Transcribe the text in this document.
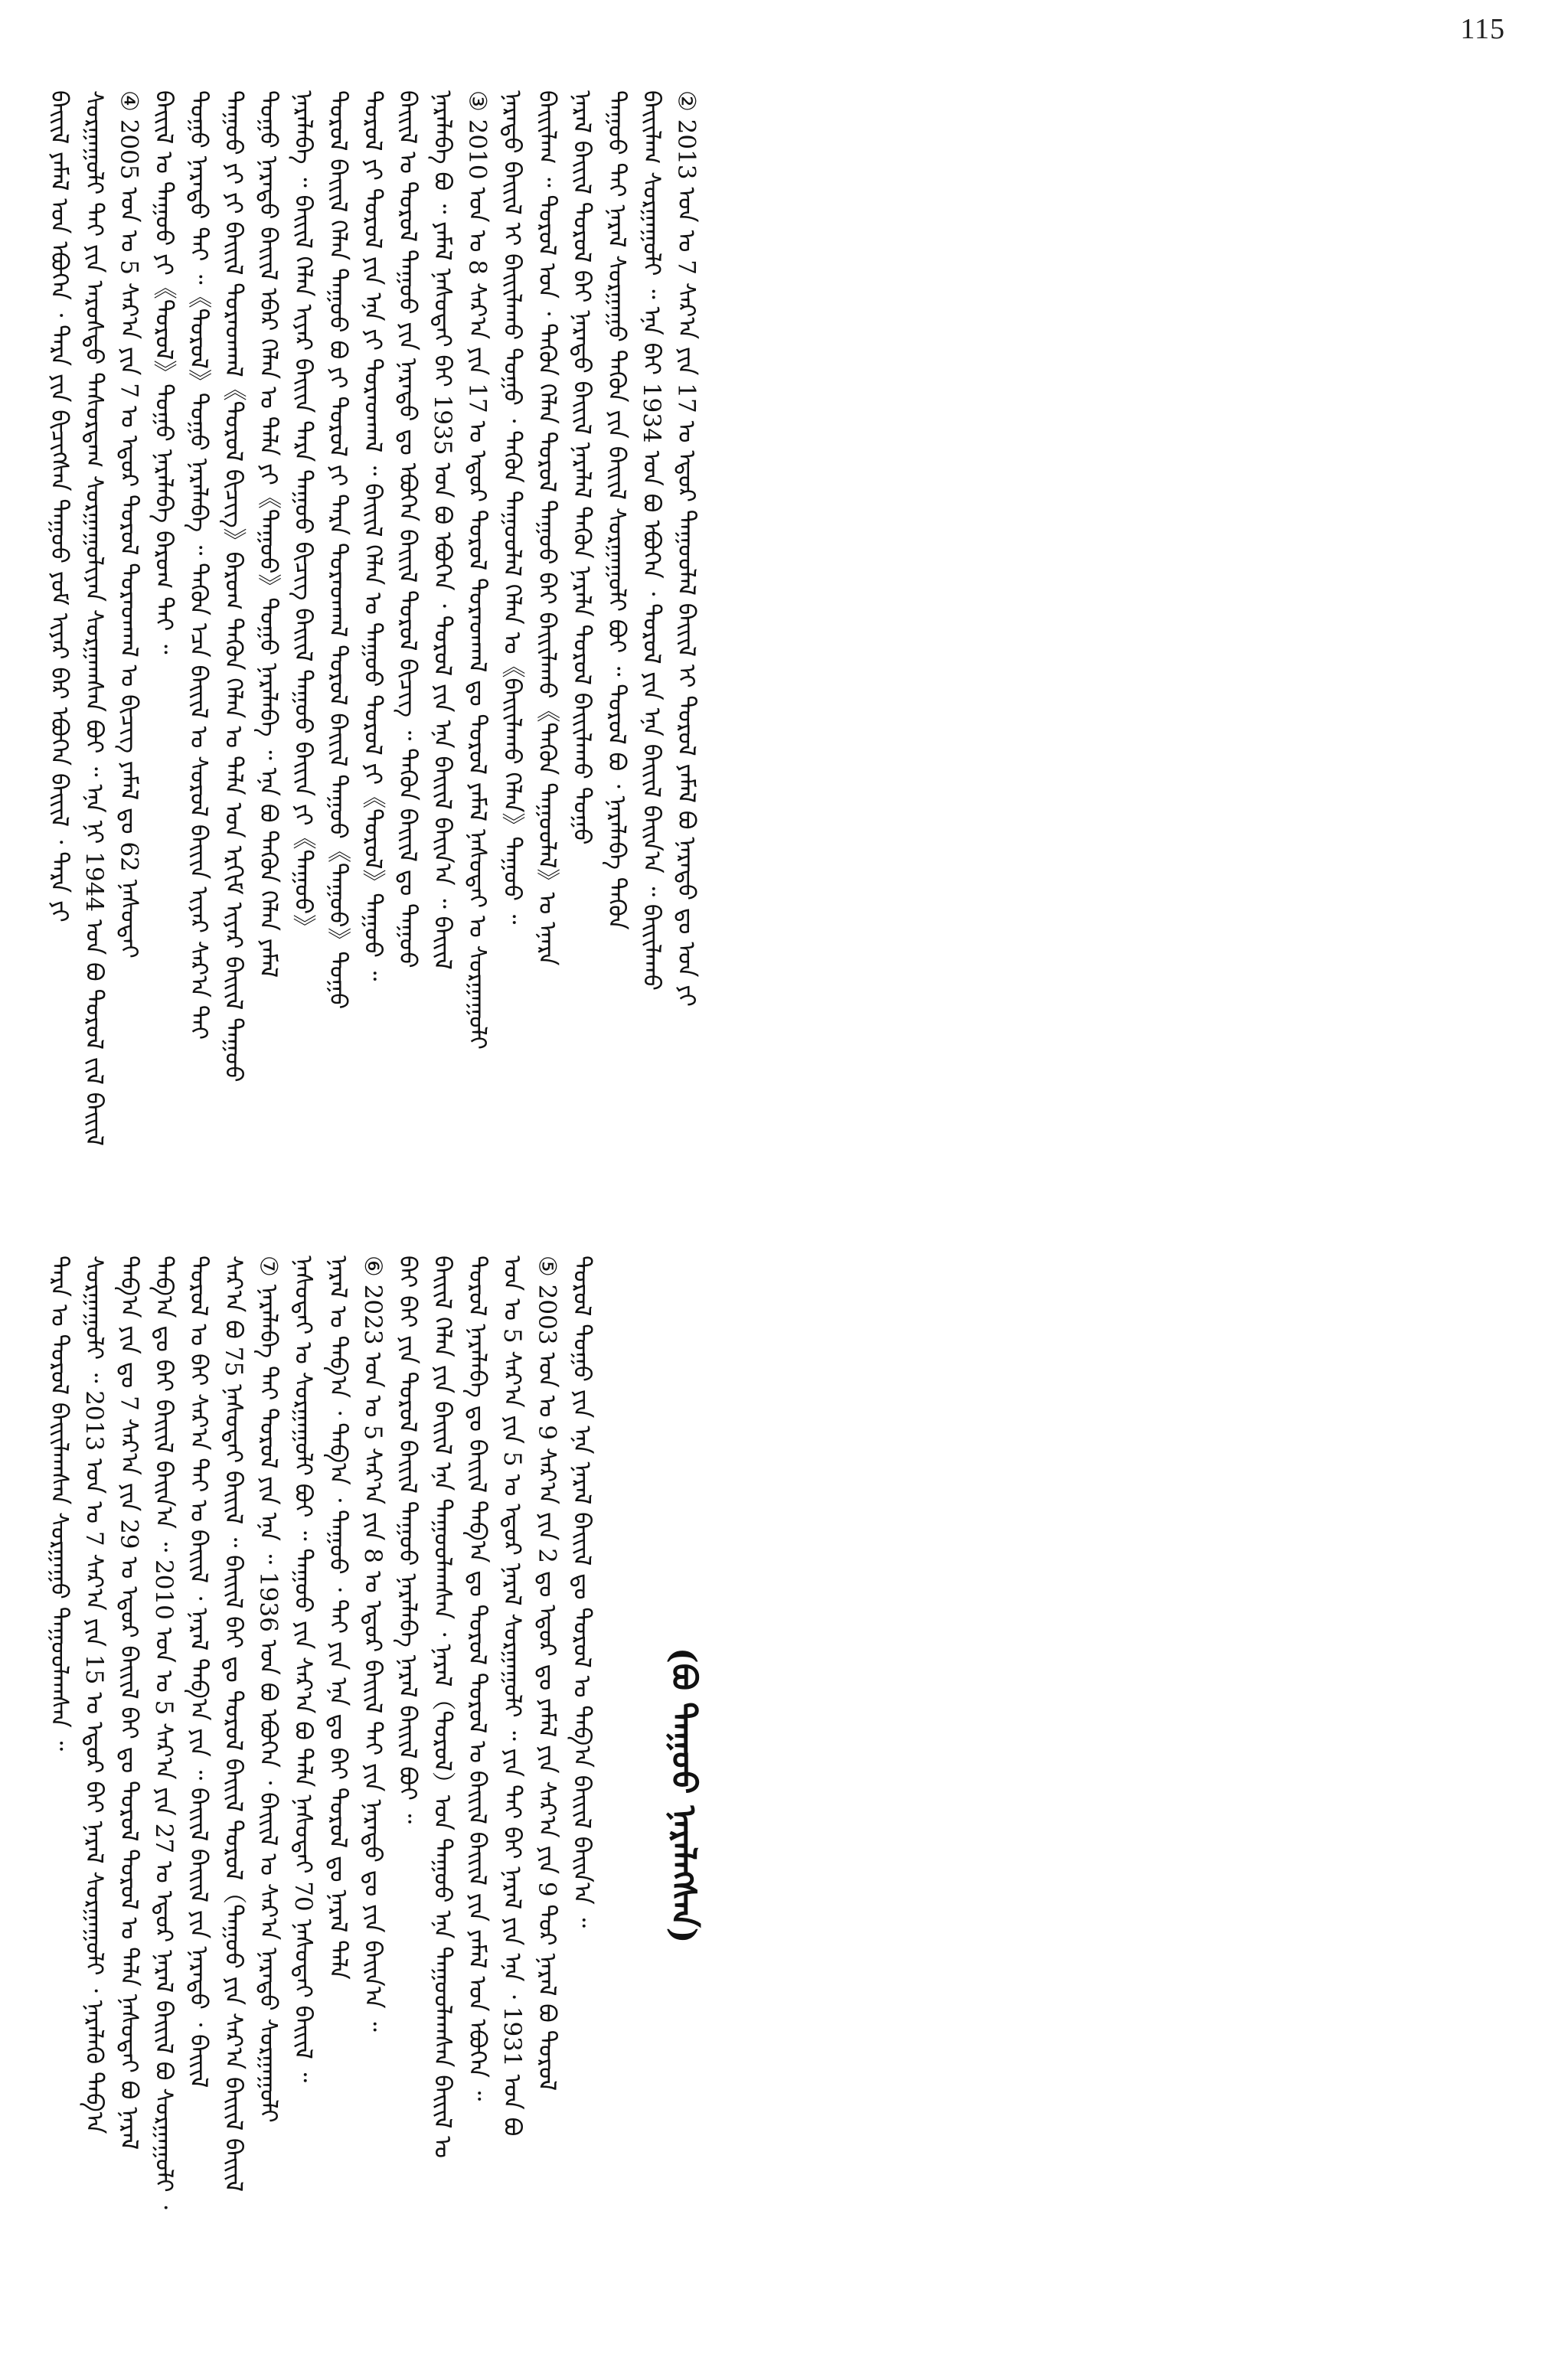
115

ᠪᠠᠢᠢᠯ ᠶᠠᠮᠠᠯ ᠤᠨ ᠡᠪᠦᠭᠡᠨ ᠂ ᠲᠡᠷᠡ ᠶᠢᠨ ᠪᠢᠴᠢᠭᠰᠡᠨ ᠳᠠᠭᠤᠤ ᠶᠤᠮ ᠢᠶᠠᠷ ᠪᠡᠷ ᠡᠪᠦᠭᠡᠨ ᠪᠠᠢᠢᠯ ᠂ ᠲᠡᠷᠡ ᠶᠢ ᠰᠤᠷᠭᠠᠭᠤᠯᠢ ᠲᠠᠢ ᠶᠢᠨ ᠠᠷᠤᠰᠳᠤ ᠲᠠᠰᠤᠷᠳᠠᠭ ᠰᠤᠷᠭᠠᠭᠤᠯᠢᠶᠠᠨ ᠰᠤᠷᠭᠠᠭᠰᠠᠨ ᠪᠤᠢ ᠃ ᠡᠨᠡ ᠨᠢ 1944 ᠣᠨ ᠪᠤ ᠲᠤᠷᠤᠯ ᠵᠢᠯ ᠪᠠᠢᠢᠯ ④ 2005 ᠣᠨ ᠤ 5 ᠰᠠᠷ᠎ᠠ ᠶᠢᠨ 7 ᠤ ᠡᠳᠦᠷ ᠲᠤᠷᠤᠯ ᠳᠤᠷᠠᠳᠬᠠᠯ ᠤ ᠪᠢᠴᠢᠭ ᠶᠠᠮᠠᠯ ᠳᠤ 62 ᠨᠠᠰᠤᠳᠠᠢ ᠪᠠᠢᠢᠯ ᠤ ᠳᠠᠭᠤᠤ ᠶᠢ《ᠲᠤᠷᠤᠯ》ᠳᠤᠭᠤ ᠨᠡᠷᠡᠯᠡᠪᠡ ᠪᠠᠷᠤᠭ ᠲᠠᠢ ᠃ ᠳᠤᠭᠤ ᠨᠡᠷᠡᠲᠦ ᠲᠠᠢ ᠃《ᠲᠤᠷᠤᠯ》ᠳᠤᠭᠤ ᠨᠡᠷᠡᠯᠡᠪᠡ ᠃ ᠲᠡᠭᠦᠨ ᠡᠴᠡ ᠪᠠᠢᠢᠯ ᠤ ᠰᠤᠷᠤᠯ ᠪᠠᠢᠢᠨ ᠢᠶᠠᠷ ᠰᠠᠷ᠎ᠠ ᠲᠠᠢ ᠳᠠᠭᠤᠤ ᠶᠢ ᠶᠢ ᠪᠠᠢᠢᠯ ᠳᠤᠷᠠᠳᠬᠠᠯ《ᠲᠤᠷᠤᠯ ᠪᠢᠴᠢᠭ》ᠪᠠᠷᠤᠭ ᠲᠡᠭᠦᠨ ᠬᠡᠯᠡᠨ ᠤ ᠲᠠᠯᠠ ᠤᠨ ᠡᠷᠬᠢᠮ ᠢᠶᠠᠷ ᠪᠠᠢᠢᠯ ᠳᠠᠭᠤᠤ ᠳᠤᠭᠤ ᠨᠡᠷᠡᠲᠦ ᠪᠠᠢᠢᠯ ᠡᠪᠡᠷ ᠬᠡᠯᠡᠨ ᠤ ᠲᠠᠯᠠ ᠶᠢ《ᠳᠠᠭᠤᠤ》ᠳᠤᠭᠤ ᠨᠡᠷᠡᠯᠡᠪᠡ ᠃ ᠡᠨᠡ ᠪᠤ ᠲᠡᠭᠦᠨ ᠬᠡᠯᠡᠨ ᠶᠠᠮᠠᠯ ᠨᠡᠷᠡᠯᠡᠪᠡ ᠃ ᠪᠠᠢᠢᠯ ᠬᠡᠯᠡᠨ ᠢᠶᠠᠷ ᠪᠠᠢᠢᠨ ᠲᠡᠷᠡ ᠳᠠᠭᠤᠤ ᠪᠢᠴᠢᠭ ᠪᠠᠢᠢᠯ ᠳᠠᠭᠤᠤ ᠪᠠᠢᠢᠨ ᠶᠢ《ᠳᠠᠭᠤᠤ》 ᠳᠤᠷᠤᠯ ᠪᠠᠢᠢᠯ ᠬᠡᠯᠡᠨ ᠳᠠᠭᠤᠤ ᠪᠤ ᠶᠢ ᠲᠤᠷᠤᠯ ᠶᠢ ᠲᠡᠷᠡ ᠳᠤᠷᠠᠳᠬᠠᠯ ᠲᠤᠷᠤᠯ ᠪᠠᠢᠢᠯ ᠳᠠᠭᠤᠤ《ᠳᠠᠭᠤᠤ》ᠳᠤᠭᠤ ᠲᠤᠷᠤᠯ ᠶᠢ ᠲᠤᠷᠤᠯ ᠶᠢᠨ ᠡᠨᠡ ᠶᠢ ᠳᠤᠷᠠᠳᠬᠠᠯ ᠃ ᠪᠠᠢᠢᠯ ᠬᠡᠯᠡᠨ ᠤ ᠳᠠᠭᠤᠤ ᠲᠤᠷᠤᠯ ᠶᠢ《ᠲᠤᠷᠤᠯ》ᠳᠠᠭᠤᠤ ᠃ ᠪᠠᠢᠢᠯ ᠤ ᠲᠤᠷᠤᠯ ᠳᠠᠭᠤᠤ ᠶᠢᠨ ᠨᠡᠷᠡᠲᠦ ᠳᠤ ᠡᠪᠦᠭᠡᠨ ᠪᠠᠢᠢᠯ ᠲᠤᠷᠤᠯ ᠪᠢᠴᠢᠭ ᠃ ᠲᠡᠭᠦᠨ ᠪᠠᠢᠢᠯ ᠳᠤ ᠳᠠᠭᠤᠤ ᠨᠡᠷᠡᠯᠡᠪᠡ ᠪᠤ ᠃ ᠶᠠᠮᠠᠯ ᠨᠠᠰᠤᠳᠠᠢ ᠪᠠᠢ 1935 ᠣᠨ ᠪᠤ ᠡᠪᠦᠭᠡᠨ ᠂ ᠲᠤᠷᠤᠯ ᠶᠢᠨ ᠡᠨᠡ ᠪᠠᠢᠢᠯ ᠪᠠᠢᠨ᠎ᠠ ᠃ ᠪᠠᠢᠢᠯ ③ 2010 ᠣᠨ ᠤ 8 ᠰᠠᠷ᠎ᠠ ᠶᠢᠨ 17 ᠤ ᠡᠳᠦᠷ ᠲᠤᠷᠤᠯ ᠳᠤᠷᠠᠳᠬᠠᠯ ᠳᠤ ᠲᠤᠷᠤᠯ ᠶᠠᠮᠠᠯ ᠨᠠᠰᠤᠳᠠᠢ ᠤ ᠰᠤᠷᠭᠠᠭᠤᠯᠢ ᠨᠡᠷᠡᠲᠦ ᠪᠠᠢᠢᠯ ᠢ ᠪᠠᠢᠢᠯᠠᠬᠤ ᠳᠤᠭᠤ ᠂ ᠲᠡᠭᠦᠨ ᠳᠠᠭᠤᠤᠯᠠᠯ ᠬᠡᠯᠡᠨ ᠤ《ᠪᠠᠢᠢᠯᠠᠬᠤ ᠬᠡᠯᠡᠨ》ᠳᠠᠭᠤᠤ ᠃ ᠪᠠᠢᠢᠯᠠᠭ ᠃ ᠳᠤᠷᠤᠯ ᠤᠨ ᠂ ᠲᠡᠭᠦᠨ ᠬᠡᠯᠡᠨ ᠲᠤᠷᠤᠯ ᠳᠠᠭᠤᠤ ᠪᠠᠢ ᠪᠠᠢᠢᠯᠠᠬᠤ《ᠲᠡᠭᠦᠨ ᠳᠠᠭᠤᠤᠯᠠᠯ》ᠤ ᠡᠨᠡᠷᠡ ᠨᠡᠷᠡᠯ ᠪᠠᠢᠢᠯ ᠲᠤᠷᠤᠯ ᠪᠠᠢ ᠨᠡᠷᠡᠲᠦ ᠪᠠᠢᠢᠯ ᠨᠡᠷᠡᠯᠡᠯ ᠲᠡᠭᠦᠨ ᠨᠡᠷᠡᠯᠡ ᠲᠤᠷᠤᠯ ᠪᠠᠢᠢᠯᠠᠬᠤ ᠳᠤᠭᠤ ᠳᠠᠭᠤᠤ ᠲᠠᠢ ᠨᠡᠷᠡᠯ ᠰᠤᠷᠭᠠᠭᠤ ᠲᠡᠭᠦᠨ ᠶᠢᠨ ᠪᠠᠢᠢᠯ ᠰᠤᠷᠭᠠᠭᠤᠯᠢ ᠪᠤᠢ ᠃ ᠲᠤᠷᠤᠯ ᠪᠤ ᠂ ᠨᠡᠷᠡᠯᠡᠪᠡ ᠲᠡᠭᠦᠨ ᠪᠠᠢᠢᠯᠠᠭ ᠰᠤᠷᠭᠠᠭᠤᠯᠢ ᠃ ᠡᠨᠡ ᠪᠠᠢ 1934 ᠣᠨ ᠪᠤ ᠡᠪᠦᠭᠡᠨ ᠂ ᠲᠤᠷᠤᠯ ᠶᠢᠨ ᠡᠨᠡ ᠪᠠᠢᠢᠯ ᠪᠠᠢᠨ᠎ᠠ ᠃ ᠪᠠᠢᠢᠯᠠᠬᠤ ② 2013 ᠣᠨ ᠤ 7 ᠰᠠᠷ᠎ᠠ ᠶᠢᠨ 17 ᠤ ᠡᠳᠦᠷ ᠳᠠᠭᠤᠤᠯᠠᠯ ᠪᠠᠢᠢᠯ ᠢ ᠳᠤᠷᠤᠯ ᠶᠠᠮᠠᠯ ᠪᠤ ᠨᠡᠷᠡᠲᠦ ᠳᠤ ᠤᠨ ᠶᠢ

ᠲᠡᠷᠡ ᠤ ᠳᠤᠷᠤᠯ ᠪᠠᠢᠢᠯᠠᠭᠰᠠᠨ ᠰᠤᠷᠭᠠᠭᠤ ᠳᠠᠭᠤᠤᠯᠠᠭᠰᠠᠨ ᠃ ᠰᠤᠷᠭᠠᠭᠤᠯᠢ ᠃ 2013 ᠣᠨ ᠤ 7 ᠰᠠᠷ᠎ᠠ ᠶᠢᠨ 15 ᠤ ᠡᠳᠦᠷ ᠪᠠᠢ ᠨᠡᠷᠡᠯ ᠰᠤᠷᠭᠠᠭᠤᠯᠢ ᠂ ᠨᠡᠷᠡᠯᠡᠬᠦ ᠲᠠᠪ᠎ᠠ ᠲᠠᠪ᠎ᠠ ᠶᠢᠨ ᠳᠤ 7 ᠰᠠᠷ᠎ᠠ ᠶᠢᠨ 29 ᠤ ᠡᠳᠦᠷ ᠪᠠᠢᠢᠯ ᠪᠠᠢ ᠳᠤ ᠲᠤᠷᠤᠯ ᠲᠤᠷᠤᠯ ᠤ ᠲᠠᠯᠠ ᠨᠠᠰᠤᠳᠠᠢ ᠪᠤ ᠨᠡᠷᠡᠯ ᠲᠠᠪ᠎ᠠ ᠳᠤ ᠪᠠᠢ ᠪᠠᠢᠢᠯ ᠪᠠᠢᠨ᠎ᠠ ᠃ 2010 ᠣᠨ ᠤ 5 ᠰᠠᠷ᠎ᠠ ᠶᠢᠨ 27 ᠤ ᠡᠳᠦᠷ ᠨᠡᠷᠡᠯ ᠪᠠᠢᠢᠯ ᠪᠤ ᠰᠤᠷᠭᠠᠭᠤᠯᠢ ᠂ ᠳᠤᠷᠤᠯ ᠤ ᠪᠠᠢ ᠰᠠᠷ᠎ᠠ ᠲᠠᠢ ᠤ ᠪᠠᠢᠢᠯ ᠂ ᠨᠡᠷᠡᠯ ᠲᠠᠪ᠎ᠠ ᠶᠢᠨ ᠃ ᠪᠠᠢᠢᠯ ᠪᠠᠢᠢᠯ ᠶᠢᠨ ᠨᠡᠷᠡᠲᠦ ᠂ ᠪᠠᠢᠢᠯ ᠰᠠᠷ᠎ᠠ ᠪᠤ 75 ᠨᠠᠰᠤᠳᠠᠢ ᠪᠠᠢᠢᠯ ᠃ ᠪᠠᠢᠢᠯ ᠪᠠᠢ ᠳᠤ ᠳᠤᠷᠤᠯ ᠪᠠᠢᠢᠯ ᠳᠤᠷᠤᠯ（ᠳᠠᠭᠤᠤ ᠶᠢᠨ ᠰᠠᠷ᠎ᠠ ᠪᠠᠢᠢᠯ ᠪᠠᠢᠢᠯ ⑦ ᠨᠡᠷᠡᠯᠡᠪᠡ ᠲᠠᠢ ᠳᠤᠷᠤᠯ ᠶᠢᠨ ᠡᠨᠡ ᠃ 1936 ᠣᠨ ᠪᠤ ᠡᠪᠦᠭᠡᠨ ᠂ ᠪᠠᠢᠢᠯ ᠤ ᠰᠠᠷ᠎ᠠ ᠨᠡᠷᠡᠲᠦ ᠰᠤᠷᠭᠠᠭᠤᠯᠢ ᠨᠠᠰᠤᠳᠠᠢ ᠤ ᠰᠤᠷᠭᠠᠭᠤᠯᠢ ᠪᠤᠢ ᠃ ᠳᠠᠭᠤᠤ ᠶᠢᠨ ᠰᠠᠷ᠎ᠠ ᠪᠤ ᠲᠠᠯᠠ ᠨᠠᠰᠤᠳᠠᠢ 70 ᠨᠠᠰᠤᠳᠠᠢ ᠪᠠᠢᠢᠯ ᠃ ᠨᠡᠷᠡᠯ ᠤ ᠲᠠᠪ᠎ᠠ ᠂ ᠲᠠᠪ᠎ᠠ ᠂ ᠳᠠᠭᠤᠤ ᠂ ᠲᠠᠢ ᠶᠢᠨ ᠡᠨᠡ ᠳᠤ ᠪᠠᠢ ᠲᠤᠷᠤᠯ ᠳᠤ ᠨᠡᠷᠡᠯ ᠲᠠᠯᠠ ⑥ 2023 ᠣᠨ ᠤ 5 ᠰᠠᠷ᠎ᠠ ᠶᠢᠨ 8 ᠤ ᠡᠳᠦᠷ ᠪᠠᠢᠢᠯ ᠲᠠᠢ ᠶᠢᠨ ᠨᠡᠷᠡᠲᠦ ᠳᠤ ᠶᠢᠨ ᠪᠠᠢᠨ᠎ᠠ ᠃ ᠪᠠᠢ ᠪᠠᠢ ᠶᠢᠨ ᠲᠤᠷᠤᠯ ᠪᠠᠢᠢᠯ ᠳᠠᠭᠤᠤ ᠨᠡᠷᠡᠯᠡᠪᠡ ᠨᠡᠷᠡᠯ ᠪᠠᠢᠢᠯ ᠪᠤᠢ ᠃ ᠪᠠᠢᠢᠯ ᠬᠡᠯᠡᠨ ᠶᠢᠨ ᠪᠠᠢᠢᠯ ᠡᠨᠡ ᠳᠠᠭᠤᠤᠯᠠᠭᠰᠠᠨ ᠂ ᠨᠡᠷᠡᠯ（ᠲᠤᠷᠤᠯ）ᠤᠨ ᠳᠠᠭᠤᠤ ᠡᠨᠡ ᠳᠠᠭᠤᠤᠯᠠᠭᠰᠠᠨ ᠪᠠᠢᠢᠯ ᠤ ᠲᠤᠷᠤᠯ ᠨᠡᠷᠡᠯᠡᠪᠡ ᠳᠤ ᠪᠠᠢᠢᠯ ᠲᠠᠪ᠎ᠠ ᠳᠤ ᠲᠤᠷᠤᠯ ᠳᠤᠷᠤᠯ ᠤ ᠪᠠᠢᠢᠯ ᠪᠠᠢᠢᠯ ᠶᠢᠨ ᠶᠠᠮᠠᠯ ᠤᠨ ᠡᠪᠦᠭᠡᠨ ᠃ ᠣᠨ ᠤ 5 ᠰᠠᠷ᠎ᠠ ᠶᠢᠨ 5 ᠤ ᠡᠳᠦᠷ ᠨᠡᠷᠡᠯ ᠰᠤᠷᠭᠠᠭᠤᠯᠢ ᠃ ᠶᠢᠨ ᠲᠠᠢ ᠪᠠᠢ ᠨᠡᠷᠡᠯ ᠶᠢᠨ ᠡᠨᠡ ᠂ 1931 ᠣᠨ ᠪᠤ ⑤ 2003 ᠣᠨ ᠤ 9 ᠰᠠᠷ᠎ᠠ ᠶᠢᠨ 2 ᠳᠤ ᠡᠳᠦᠷ ᠳᠤ ᠶᠠᠮᠠᠯ ᠶᠢᠨ ᠰᠠᠷ᠎ᠠ ᠶᠢᠨ 9 ᠳᠤᠷ ᠨᠡᠷᠡᠯ ᠪᠤ ᠲᠤᠷᠤᠯ ᠲᠤᠷᠤᠯ ᠳᠤᠭᠤ ᠶᠢᠨ ᠡᠨᠡ ᠨᠡᠷᠡᠯ ᠪᠠᠢᠢᠯ ᠳᠤ ᠳᠤᠷᠤᠯ ᠤ ᠲᠠᠪ᠎ᠠ ᠪᠠᠢᠢᠯ ᠪᠠᠢᠨ᠎ᠠ ᠃	(ᠪᠤ ᠳᠠᠭᠤᠤ ᠨᠡᠷᠡᠯᠡᠭᠰᠡᠨ)
